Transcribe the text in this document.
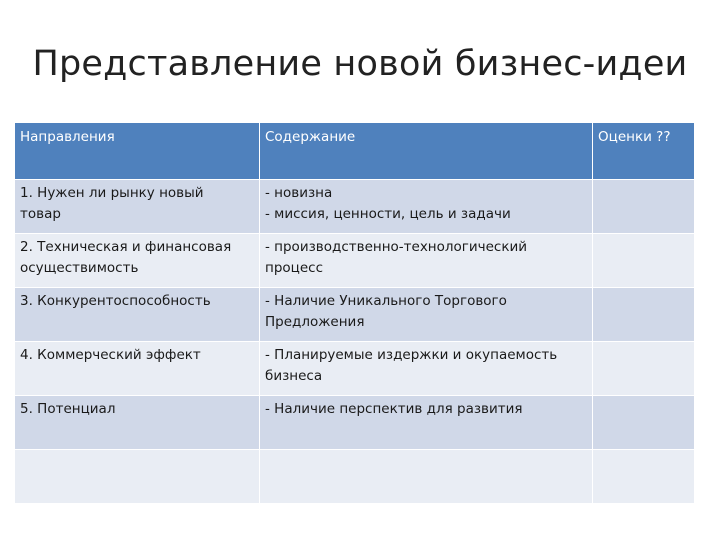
Представление новой бизнес-идеи
Направления	Содержание	Оценки ??

1. Нужен ли рынку новый
товар	- новизна
- миссия, ценности, цель и задачи	

2. Техническая и финансовая
осуществимость	- производственно-технологический
процесс	

3. Конкурентоспособность	- Наличие Уникального Торгового
Предложения	

4. Коммерческий эффект	- Планируемые издержки и окупаемость
бизнеса	

5. Потенциал	- Наличие перспектив для развития	
